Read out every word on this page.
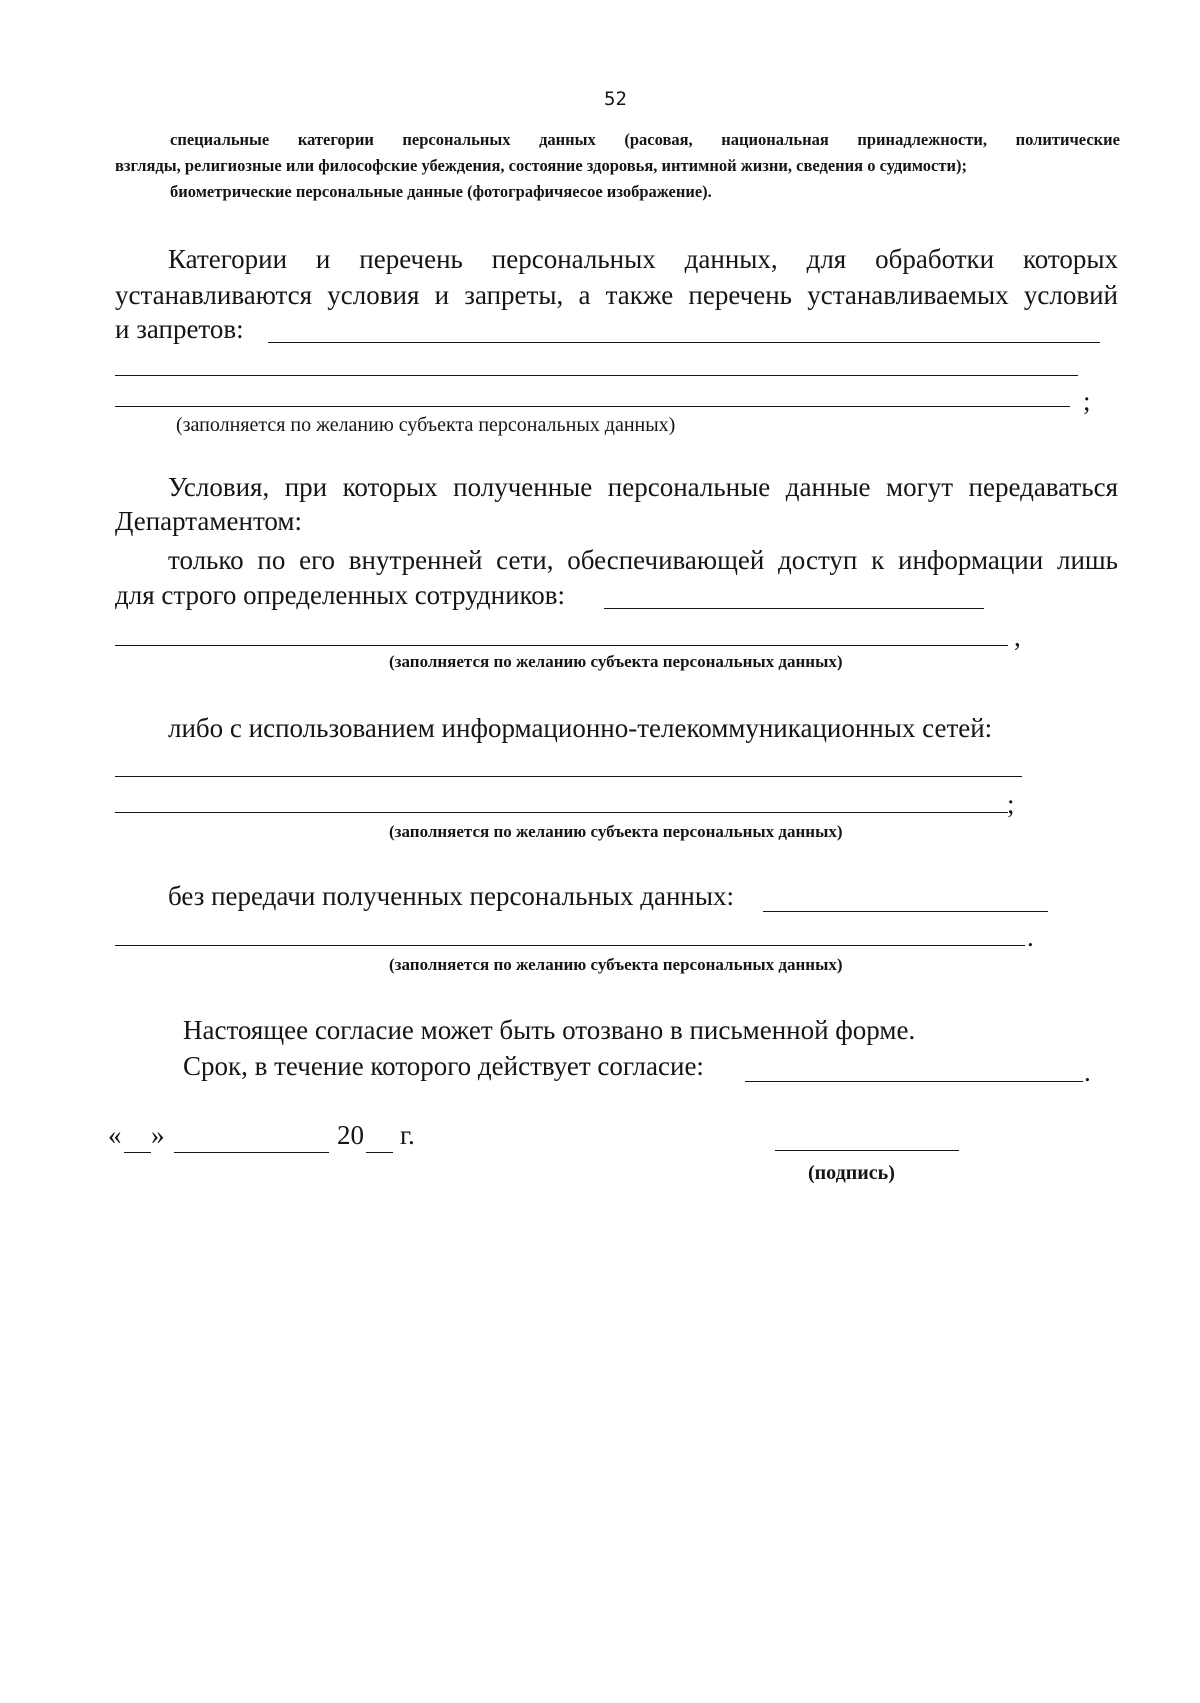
52
специальные категории персональных данных (расовая, национальная принадлежности, политические
взгляды, религиозные или философские убеждения, состояние здоровья, интимной жизни, сведения о судимости);
биометрические персональные данные (фотографичяесое изображение).
Категории и перечень персональных данных, для обработки которых
устанавливаются условия и запреты, а также перечень устанавливаемых условий
и запретов:
;
(заполняется по желанию субъекта персональных данных)
Условия, при которых полученные персональные данные могут передаваться
Департаментом:
только по его внутренней сети, обеспечивающей доступ к информации лишь
для строго определенных сотрудников:
,
(заполняется по желанию субъекта персональных данных)
либо с использованием информационно-телекоммуникационных сетей:
;
(заполняется по желанию субъекта персональных данных)
без передачи полученных персональных данных:
.
(заполняется по желанию субъекта персональных данных)
Настоящее согласие может быть отозвано в письменной форме.
Срок, в течение которого действует согласие:	.
« »	20 г.
(подпись)
